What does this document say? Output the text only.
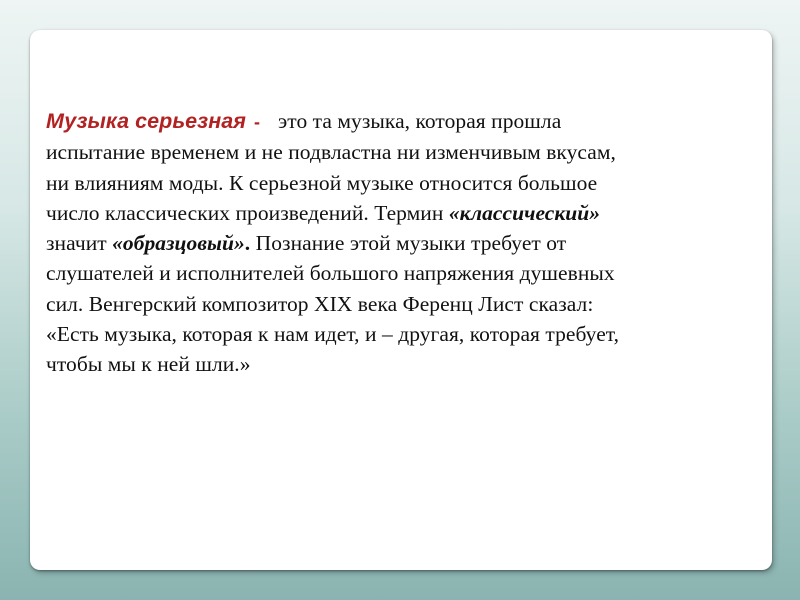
Музыка серьезная - это та музыка, которая прошла
испытание временем и не подвластна ни изменчивым вкусам,
ни влияниям моды. К серьезной музыке относится большое
число классических произведений. Термин «классический»
значит «образцовый». Познание этой музыки требует от
слушателей и исполнителей большого напряжения душевных
сил. Венгерский композитор XIX века Ференц Лист сказал:
«Есть музыка, которая к нам идет, и – другая, которая требует,
чтобы мы к ней шли.»
